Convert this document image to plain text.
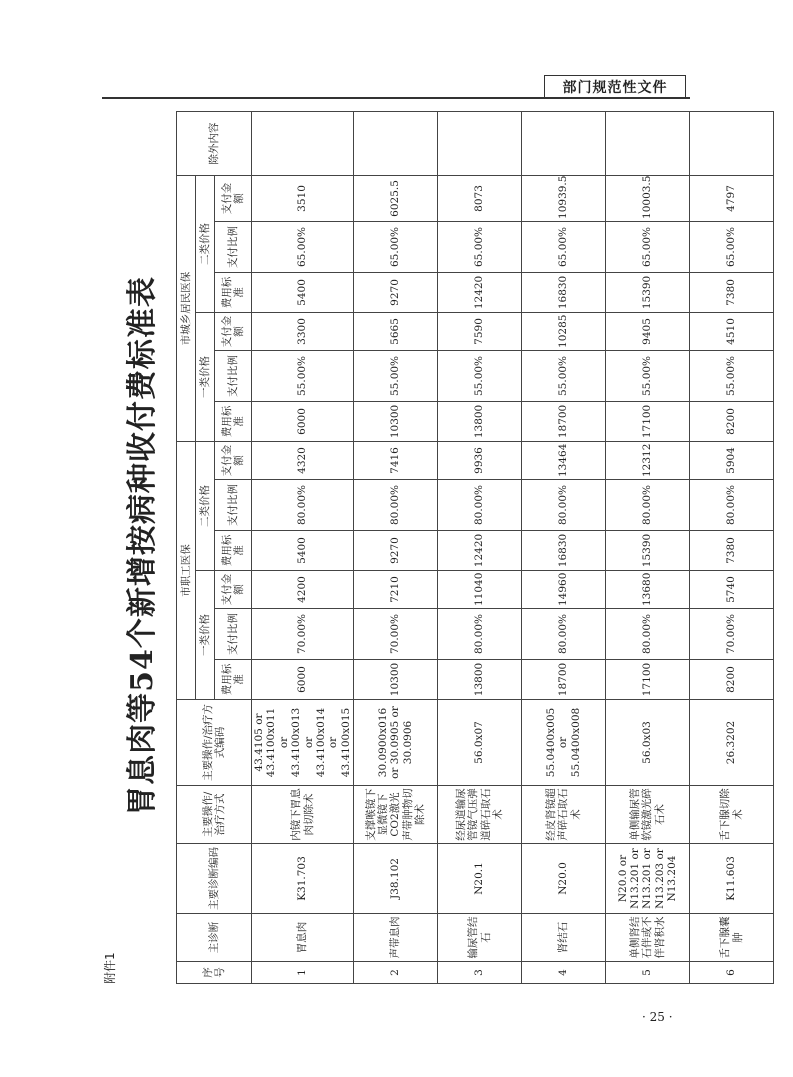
部门规范性文件
· 25 ·
附件1
胃息肉等54个新增按病种收付费标准表
序号	主诊断	主要诊断编码	主要操作/治疗方式	主要操作/治疗方式编码	市职工医保						市城乡居民医保						除外内容
					一类价格			二类价格			一类价格			二类价格			
					费用标准	支付比例	支付金额	费用标准	支付比例	支付金额	费用标准	支付比例	支付金额	费用标准	支付比例	支付金额	
1	胃息肉	K31.703	内镜下胃息肉切除术	43.4105 or 43.4100x011 or 43.4100x013 or 43.4100x014 or 43.4100x015	6000	70.00%	4200	5400	80.00%	4320	6000	55.00%	3300	5400	65.00%	3510	
2	声带息肉	J38.102	支撑喉镜下显微镜下CO2激光声带肿物切除术	30.0900x016 or 30.0905 or 30.0906	10300	70.00%	7210	9270	80.00%	7416	10300	55.00%	5665	9270	65.00%	6025.5	
3	输尿管结石	N20.1	经尿道输尿管镜气压弹道碎石取石术	56.0x07	13800	80.00%	11040	12420	80.00%	9936	13800	55.00%	7590	12420	65.00%	8073	
4	肾结石	N20.0	经皮肾镜超声碎石取石术	55.0400x005 or 55.0400x008	18700	80.00%	14960	16830	80.00%	13464	18700	55.00%	10285	16830	65.00%	10939.5	
5	单侧肾结石伴或不伴肾积水	N20.0 or N13.201 or N13.201 or N13.203 or N13.204	单侧输尿管软镜激光碎石术	56.0x03	17100	80.00%	13680	15390	80.00%	12312	17100	55.00%	9405	15390	65.00%	10003.5	
6	舌下腺囊肿	K11.603	舌下腺切除术	26.3202	8200	70.00%	5740	7380	80.00%	5904	8200	55.00%	4510	7380	65.00%	4797	
